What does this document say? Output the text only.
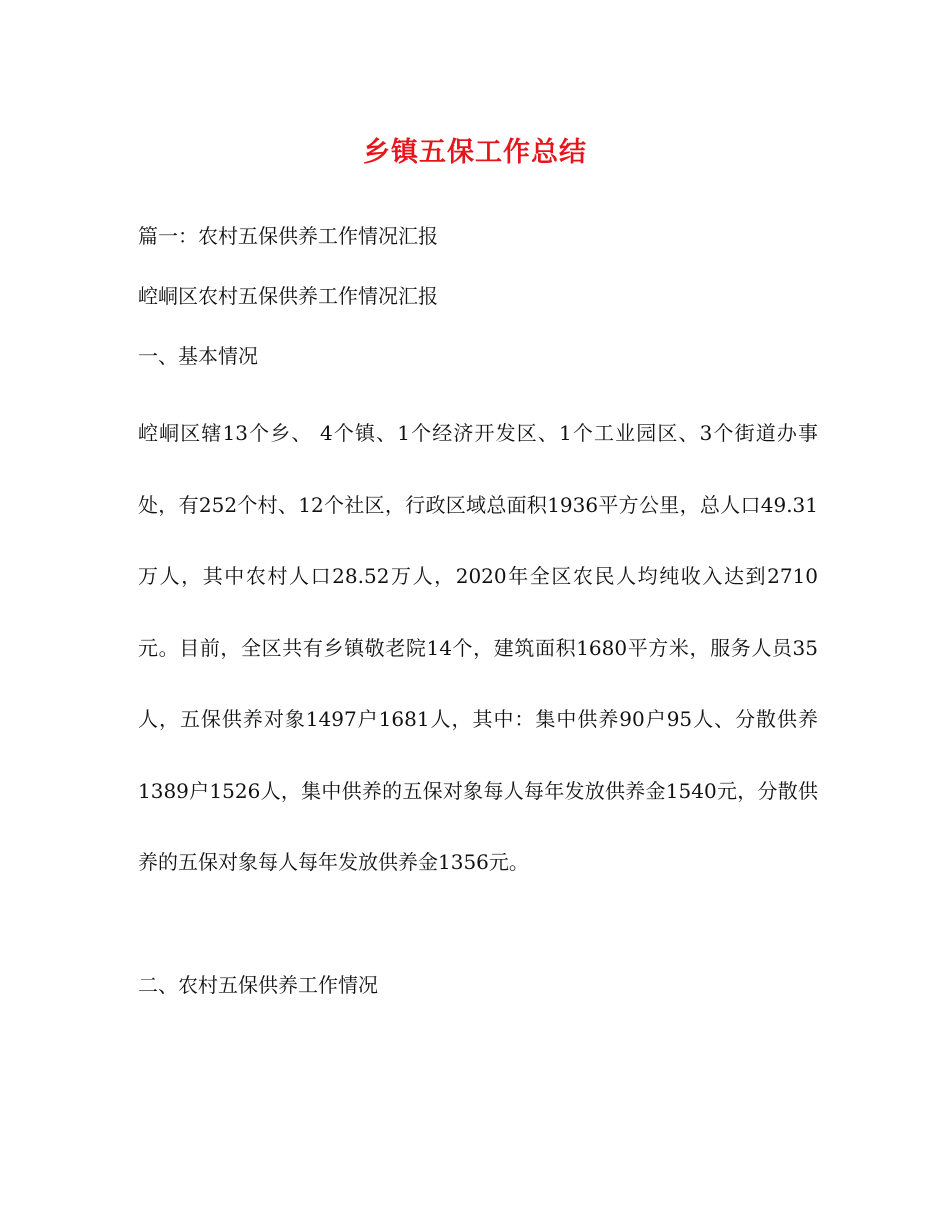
乡镇五保工作总结
篇一：农村五保供养工作情况汇报
崆峒区农村五保供养工作情况汇报
一、基本情况
崆峒区辖13个乡、 4个镇、1个经济开发区、1个工业园区、3个街道办事处，有252个村、12个社区，行政区域总面积1936平方公里，总人口49.31万人，其中农村人口28.52万人，2020年全区农民人均纯收入达到2710 元。目前，全区共有乡镇敬老院14个，建筑面积1680平方米，服务人员35人，五保供养对象1497户1681人，其中：集中供养90户95人、分散供养1389户1526人，集中供养的五保对象每人每年发放供养金1540元，分散供养的五保对象每人每年发放供养金1356元。
二、农村五保供养工作情况
